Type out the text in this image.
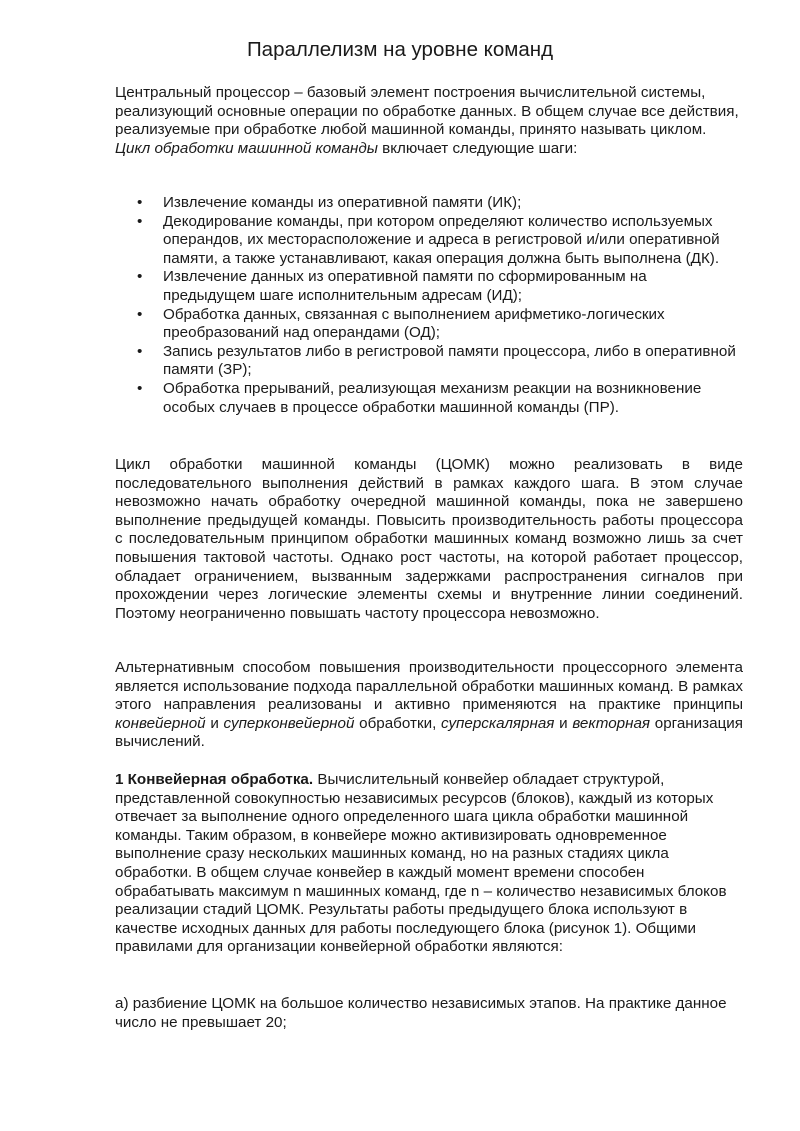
Параллелизм на уровне команд

Центральный процессор – базовый элемент построения вычислительной системы, реализующий основные операции по обработке данных. В общем случае все действия, реализуемые при обработке любой машинной команды, принято называть циклом. Цикл обработки машинной команды включает следующие шаги:

• Извлечение команды из оперативной памяти (ИК);
• Декодирование команды, при котором определяют количество используемых операндов, их месторасположение и адреса в регистровой и/или оперативной памяти, а также устанавливают, какая операция должна быть выполнена (ДК).
• Извлечение данных из оперативной памяти по сформированным на предыдущем шаге исполнительным адресам (ИД);
• Обработка данных, связанная с выполнением арифметико-логических преобразований над операндами (ОД);
• Запись результатов либо в регистровой памяти процессора, либо в оперативной памяти (ЗР);
• Обработка прерываний, реализующая механизм реакции на возникновение особых случаев в процессе обработки машинной команды (ПР).

Цикл обработки машинной команды (ЦОМК) можно реализовать в виде последовательного выполнения действий в рамках каждого шага. В этом случае невозможно начать обработку очередной машинной команды, пока не завершено выполнение предыдущей команды. Повысить производительность работы процессора с последовательным принципом обработки машинных команд возможно лишь за счет повышения тактовой частоты. Однако рост частоты, на которой работает процессор, обладает ограничением, вызванным задержками распространения сигналов при прохождении через логические элементы схемы и внутренние линии соединений. Поэтому неограниченно повышать частоту процессора невозможно.

Альтернативным способом повышения производительности процессорного элемента является использование подхода параллельной обработки машинных команд. В рамках этого направления реализованы и активно применяются на практике принципы конвейерной и суперконвейерной обработки, суперскалярная и векторная организация вычислений.

1 Конвейерная обработка. Вычислительный конвейер обладает структурой, представленной совокупностью независимых ресурсов (блоков), каждый из которых отвечает за выполнение одного определенного шага цикла обработки машинной команды. Таким образом, в конвейере можно активизировать одновременное выполнение сразу нескольких машинных команд, но на разных стадиях цикла обработки. В общем случае конвейер в каждый момент времени способен обрабатывать максимум n машинных команд, где n – количество независимых блоков реализации стадий ЦОМК. Результаты работы предыдущего блока используют в качестве исходных данных для работы последующего блока (рисунок 1). Общими правилами для организации конвейерной обработки являются:

а) разбиение ЦОМК на большое количество независимых этапов. На практике данное число не превышает 20;
